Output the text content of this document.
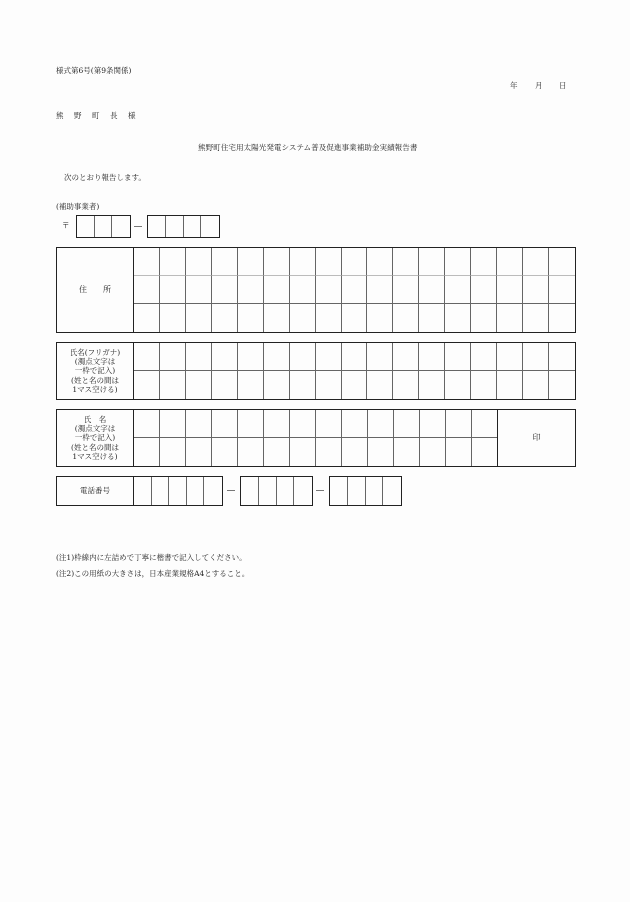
様式第6号(第9条関係)
年 月 日
熊 野 町 長 様
熊野町住宅用太陽光発電システム普及促進事業補助金実績報告書
次のとおり報告します。
(補助事業者)
〒
住　　所
氏名(フリガナ)
(濁点文字は
一枠で記入)
(姓と名の間は
1マス空ける)
氏　名
(濁点文字は
一枠で記入)
(姓と名の間は
1マス空ける)
印
電話番号
(注1)枠線内に左詰めで丁寧に楷書で記入してください。
(注2)この用紙の大きさは，日本産業規格A4とすること。
